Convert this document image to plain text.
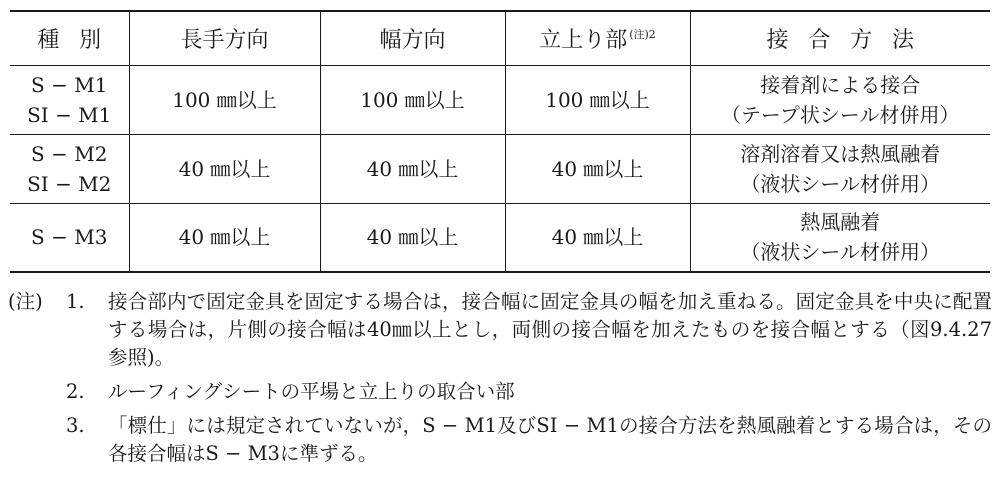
種別	長手方向	幅方向	立上り部 $^{(注)2}$	接合方法

S − M1
SI − M1	100 ㎜以上	100 ㎜以上	100 ㎜以上	接着剤による接合
（テープ状シール材併用）

S − M2
SI − M2	40 ㎜以上	40 ㎜以上	40 ㎜以上	溶剤溶着又は熱風融着
（液状シール材併用）

S − M3	40 ㎜以上	40 ㎜以上	40 ㎜以上	熱風融着
（液状シール材併用）
(注)	1.	接合部内で固定金具を固定する場合は，接合幅に固定金具の幅を加え重ねる。固定金具を中央に配置する場合は，片側の接合幅は40㎜以上とし，両側の接合幅を加えたものを接合幅とする（図9.4.27参照)。
2.	ルーフィングシートの平場と立上りの取合い部
3.	「標仕」には規定されていないが，S − M1及びSI − M1の接合方法を熱風融着とする場合は，その各接合幅はS − M3に準ずる。
